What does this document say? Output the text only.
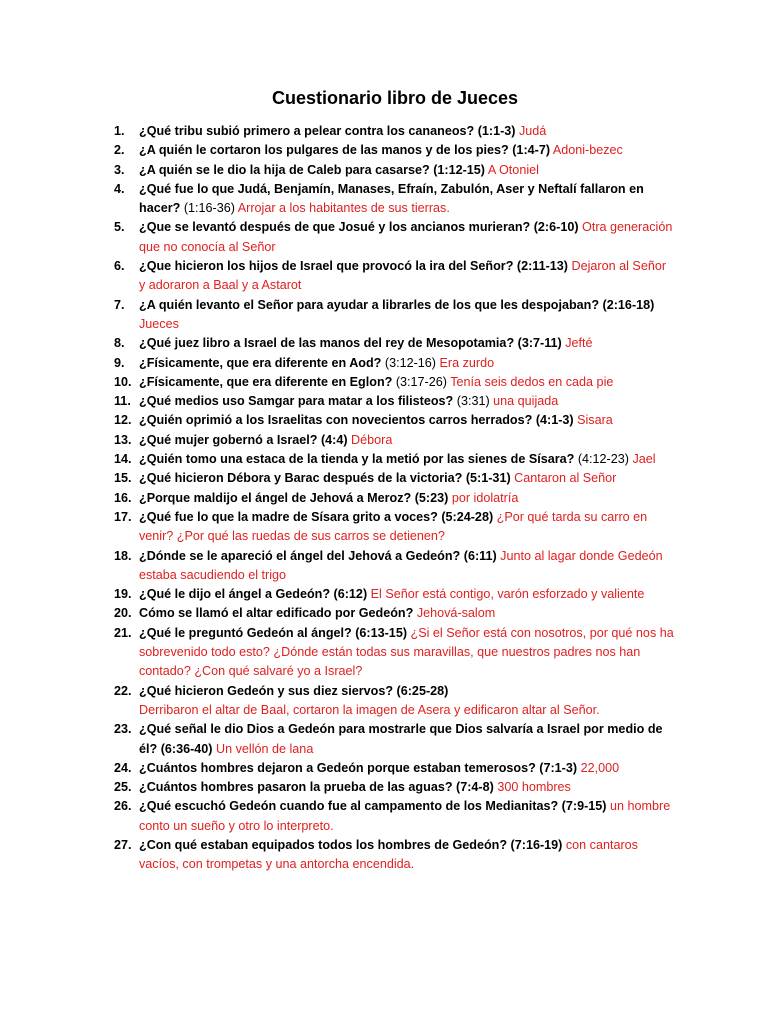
Cuestionario libro de Jueces
1. ¿Qué tribu subió primero a pelear contra los cananeos? (1:1-3) Judá
2. ¿A quién le cortaron los pulgares de las manos y de los pies? (1:4-7) Adoni-bezec
3. ¿A quién se le dio la hija de Caleb para casarse? (1:12-15) A Otoniel
4. ¿Qué fue lo que Judá, Benjamín, Manases, Efraín, Zabulón, Aser y Neftalí fallaron en hacer? (1:16-36) Arrojar a los habitantes de sus tierras.
5. ¿Que se levantó después de que Josué y los ancianos murieran? (2:6-10) Otra generación que no conocía al Señor
6. ¿Que hicieron los hijos de Israel que provocó la ira del Señor? (2:11-13) Dejaron al Señor y adoraron a Baal y a Astarot
7. ¿A quién levanto el Señor para ayudar a librarles de los que les despojaban? (2:16-18) Jueces
8. ¿Qué juez libro a Israel de las manos del rey de Mesopotamia? (3:7-11) Jefté
9. ¿Físicamente, que era diferente en Aod? (3:12-16) Era zurdo
10. ¿Físicamente, que era diferente en Eglon? (3:17-26) Tenía seis dedos en cada pie
11. ¿Qué medios uso Samgar para matar a los filisteos? (3:31) una quijada
12. ¿Quién oprimió a los Israelitas con novecientos carros herrados? (4:1-3) Sisara
13. ¿Qué mujer gobernó a Israel? (4:4) Débora
14. ¿Quién tomo una estaca de la tienda y la metió por las sienes de Sísara? (4:12-23) Jael
15. ¿Qué hicieron Débora y Barac después de la victoria? (5:1-31) Cantaron al Señor
16. ¿Porque maldijo el ángel de Jehová a Meroz? (5:23) por idolatría
17. ¿Qué fue lo que la madre de Sísara grito a voces? (5:24-28) ¿Por qué tarda su carro en venir? ¿Por qué las ruedas de sus carros se detienen?
18. ¿Dónde se le apareció el ángel del Jehová a Gedeón? (6:11) Junto al lagar donde Gedeón estaba sacudiendo el trigo
19. ¿Qué le dijo el ángel a Gedeón? (6:12) El Señor está contigo, varón esforzado y valiente
20. Cómo se llamó el altar edificado por Gedeón? Jehová-salom
21. ¿Qué le preguntó Gedeón al ángel? (6:13-15) ¿Si el Señor está con nosotros, por qué nos ha sobrevenido todo esto? ¿Dónde están todas sus maravillas, que nuestros padres nos han contado? ¿Con qué salvaré yo a Israel?
22. ¿Qué hicieron Gedeón y sus diez siervos? (6:25-28)
Derribaron el altar de Baal, cortaron la imagen de Asera y edificaron altar al Señor.
23. ¿Qué señal le dio Dios a Gedeón para mostrarle que Dios salvaría a Israel por medio de él? (6:36-40) Un vellón de lana
24. ¿Cuántos hombres dejaron a Gedeón porque estaban temerosos? (7:1-3) 22,000
25. ¿Cuántos hombres pasaron la prueba de las aguas? (7:4-8) 300 hombres
26. ¿Qué escuchó Gedeón cuando fue al campamento de los Medianitas? (7:9-15) un hombre conto un sueño y otro lo interpreto.
27. ¿Con qué estaban equipados todos los hombres de Gedeón? (7:16-19) con cantaros vacíos, con trompetas y una antorcha encendida.
